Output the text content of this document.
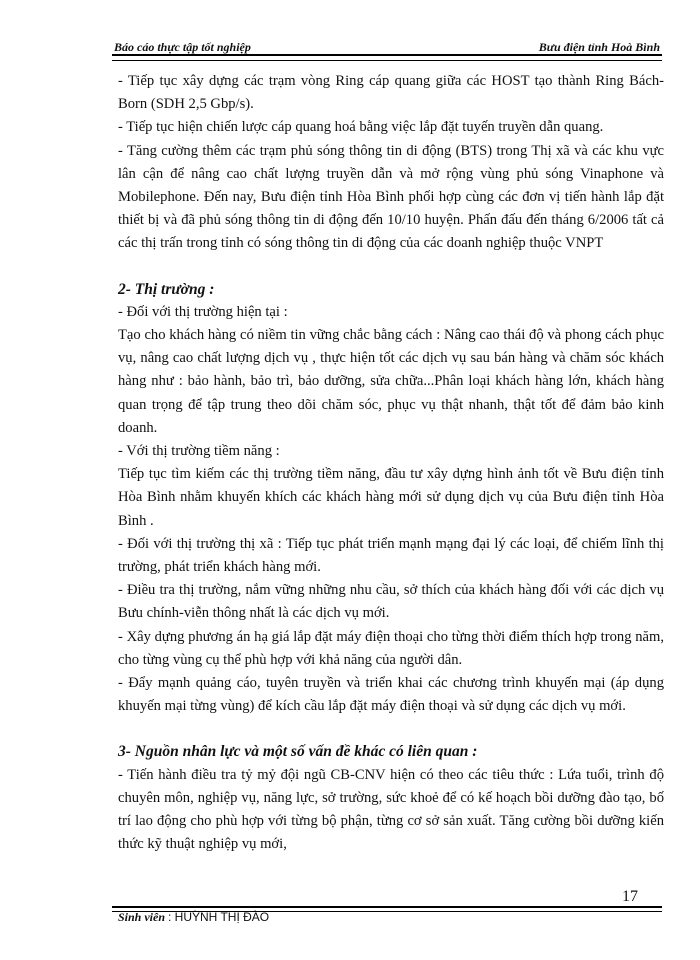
Báo cáo thực tập tốt nghiệp	Bưu điện tỉnh Hoà Bình

- Tiếp tục xây dựng các trạm vòng Ring cáp quang giữa các HOST tạo thành Ring Bách-Born (SDH 2,5 Gbp/s).

- Tiếp tục hiện chiến lược cáp quang hoá bằng việc lắp đặt tuyến truyền dẫn quang.

- Tăng cường thêm các trạm phủ sóng thông tin di động (BTS) trong Thị xã và các khu vực lân cận để nâng cao chất lượng truyền dẫn và mở rộng vùng phủ sóng Vinaphone và Mobilephone. Đến nay, Bưu điện tỉnh Hòa Bình phối hợp cùng các đơn vị tiến hành lắp đặt thiết bị và đã phủ sóng thông tin di động đến 10/10 huyện. Phấn đấu đến tháng 6/2006 tất cả các thị trấn trong tỉnh có sóng thông tin di động của các doanh nghiệp thuộc VNPT

2- Thị trường :

- Đối với thị trường hiện tại :

Tạo cho khách hàng có niềm tin vững chắc bằng cách : Nâng cao thái độ và phong cách phục vụ, nâng cao chất lượng dịch vụ , thực hiện tốt các dịch vụ sau bán hàng và chăm sóc khách hàng như : bảo hành, bảo trì, bảo dưỡng, sửa chữa...Phân loại khách hàng lớn, khách hàng quan trọng để tập trung theo dõi chăm sóc, phục vụ thật nhanh, thật tốt để đảm bảo kinh doanh.

- Với thị trường tiềm năng :

Tiếp tục tìm kiếm các thị trường tiềm năng, đầu tư xây dựng hình ảnh tốt về Bưu điện tỉnh Hòa Bình nhằm khuyến khích các khách hàng mới sử dụng dịch vụ của Bưu điện tỉnh Hòa Bình .

- Đối với thị trường thị xã : Tiếp tục phát triển mạnh mạng đại lý các loại, để chiếm lĩnh thị trường, phát triển khách hàng mới.

- Điều tra thị trường, nắm vững những nhu cầu, sở thích của khách hàng đối với các dịch vụ Bưu chính-viễn thông nhất là các dịch vụ mới.

- Xây dựng phương án hạ giá lắp đặt máy điện thoại cho từng thời điểm thích hợp trong năm, cho từng vùng cụ thể phù hợp với khả năng của người dân.

- Đẩy mạnh quảng cáo, tuyên truyền và triển khai các chương trình khuyến mại (áp dụng khuyến mại từng vùng) để kích cầu lắp đặt máy điện thoại và sử dụng các dịch vụ mới.

3- Nguồn nhân lực và một số vấn đề khác có liên quan :

- Tiến hành điều tra tỷ mỷ đội ngũ CB-CNV hiện có theo các tiêu thức : Lứa tuổi, trình độ chuyên môn, nghiệp vụ, năng lực, sở trường, sức khoẻ để có kế hoạch bồi dưỡng đào tạo, bố trí lao động cho phù hợp với từng bộ phận, từng cơ sở sản xuất. Tăng cường bồi dưỡng kiến thức kỹ thuật nghiệp vụ mới,

17
Sinh viên : HUỲNH THỊ ĐÀO
